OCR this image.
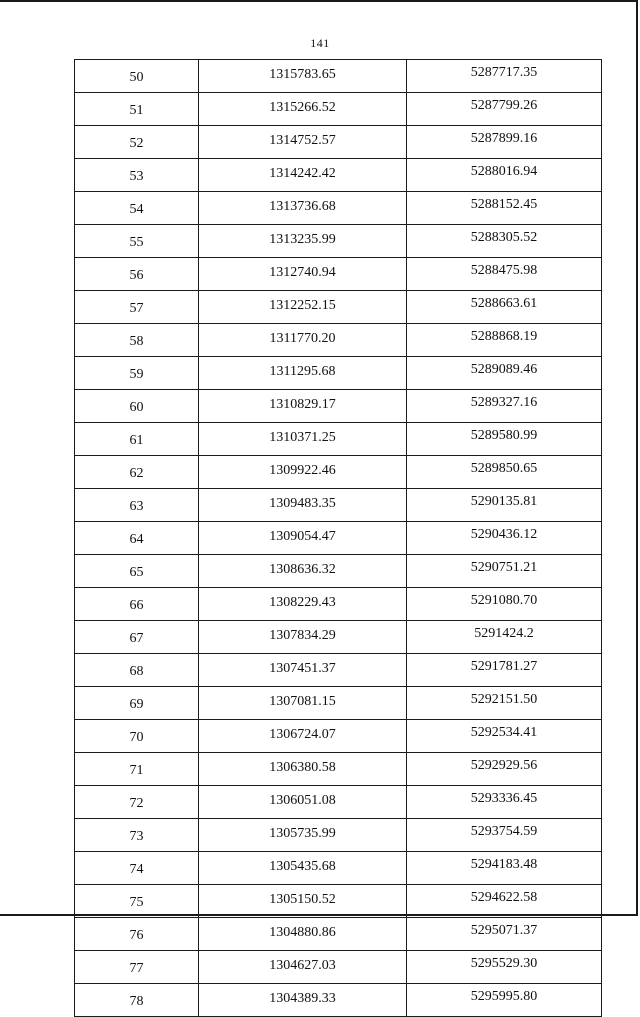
141
50	1315783.65	5287717.35
51	1315266.52	5287799.26
52	1314752.57	5287899.16
53	1314242.42	5288016.94
54	1313736.68	5288152.45
55	1313235.99	5288305.52
56	1312740.94	5288475.98
57	1312252.15	5288663.61
58	1311770.20	5288868.19
59	1311295.68	5289089.46
60	1310829.17	5289327.16
61	1310371.25	5289580.99
62	1309922.46	5289850.65
63	1309483.35	5290135.81
64	1309054.47	5290436.12
65	1308636.32	5290751.21
66	1308229.43	5291080.70
67	1307834.29	5291424.2
68	1307451.37	5291781.27
69	1307081.15	5292151.50
70	1306724.07	5292534.41
71	1306380.58	5292929.56
72	1306051.08	5293336.45
73	1305735.99	5293754.59
74	1305435.68	5294183.48
75	1305150.52	5294622.58
76	1304880.86	5295071.37
77	1304627.03	5295529.30
78	1304389.33	5295995.80
